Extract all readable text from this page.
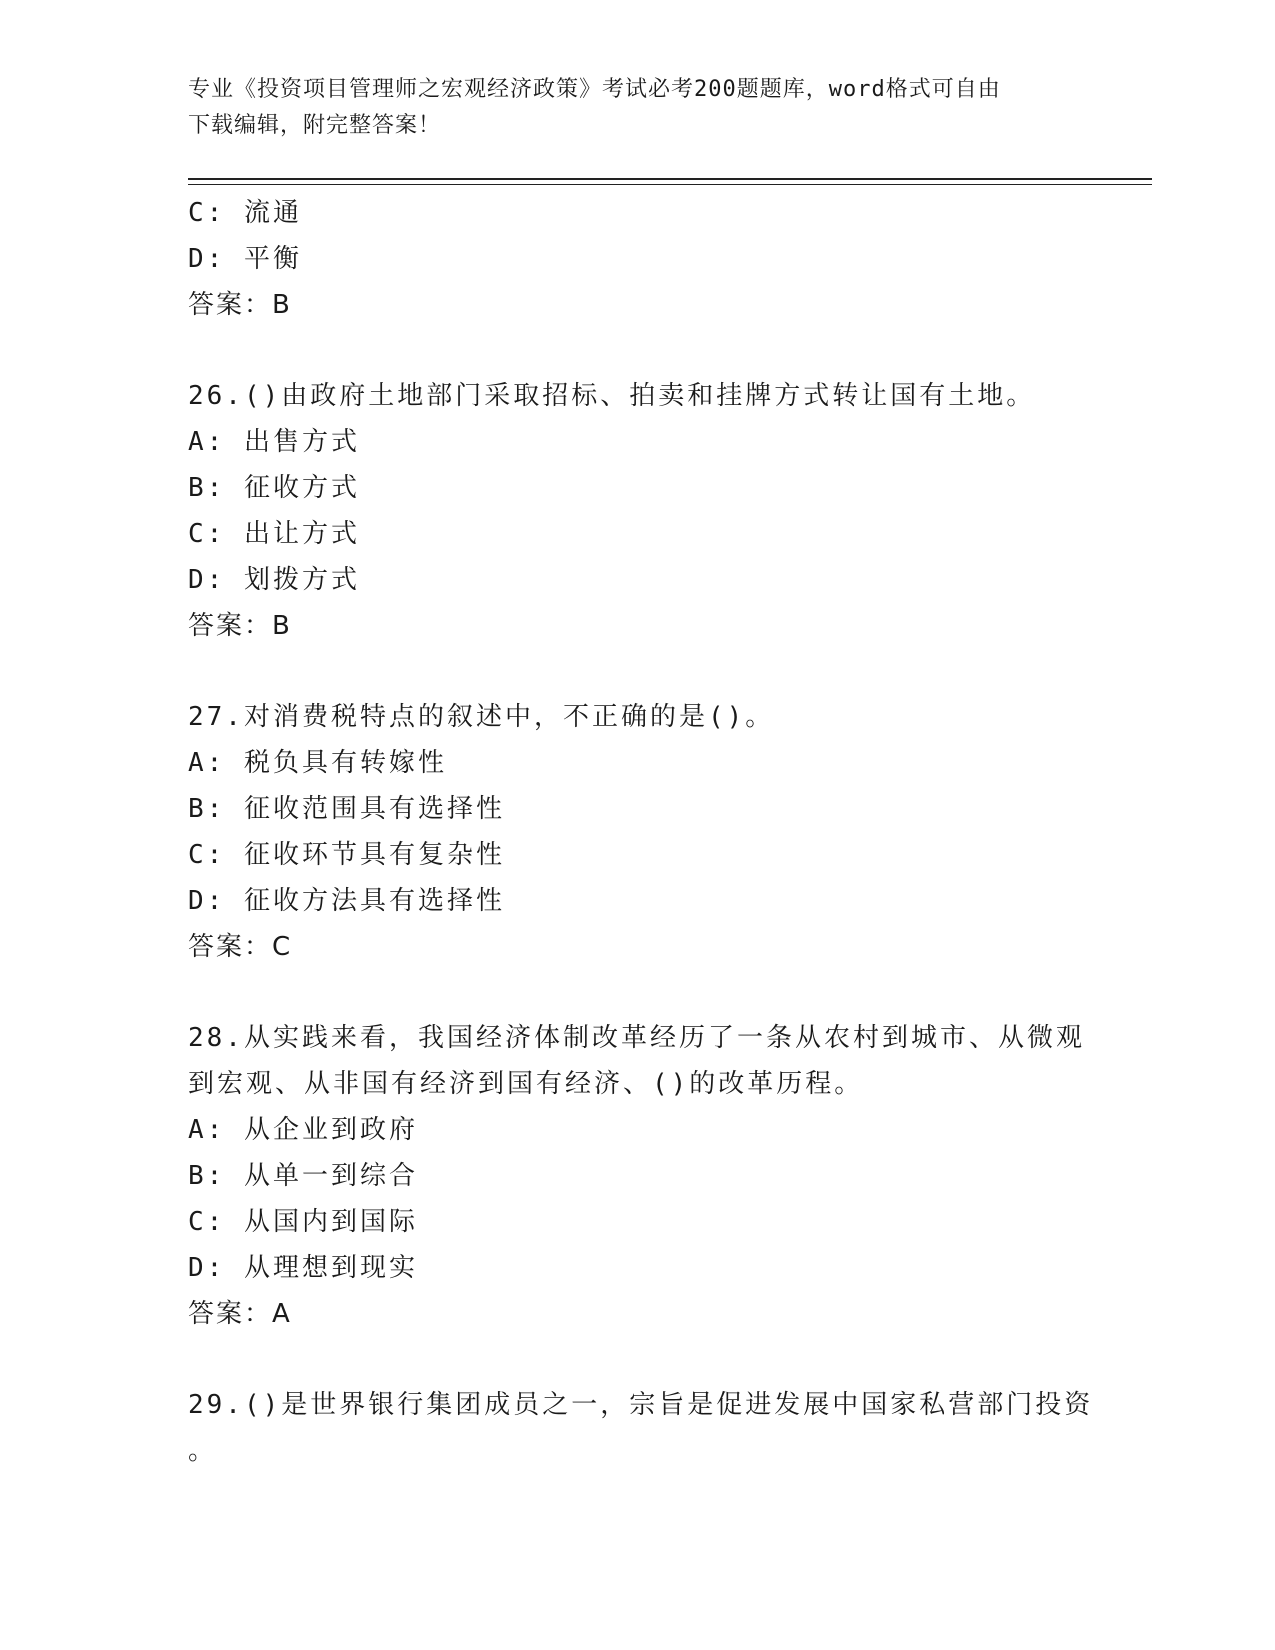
专业《投资项目管理师之宏观经济政策》考试必考200题题库，word格式可自由
下载编辑，附完整答案！
C: 流通
D: 平衡
答案：B
26.()由政府土地部门采取招标、拍卖和挂牌方式转让国有土地。
A: 出售方式
B: 征收方式
C: 出让方式
D: 划拨方式
答案：B
27.对消费税特点的叙述中，不正确的是()。
A: 税负具有转嫁性
B: 征收范围具有选择性
C: 征收环节具有复杂性
D: 征收方法具有选择性
答案：C
28.从实践来看，我国经济体制改革经历了一条从农村到城市、从微观
到宏观、从非国有经济到国有经济、()的改革历程。
A: 从企业到政府
B: 从单一到综合
C: 从国内到国际
D: 从理想到现实
答案：A
29.()是世界银行集团成员之一，宗旨是促进发展中国家私营部门投资
。
